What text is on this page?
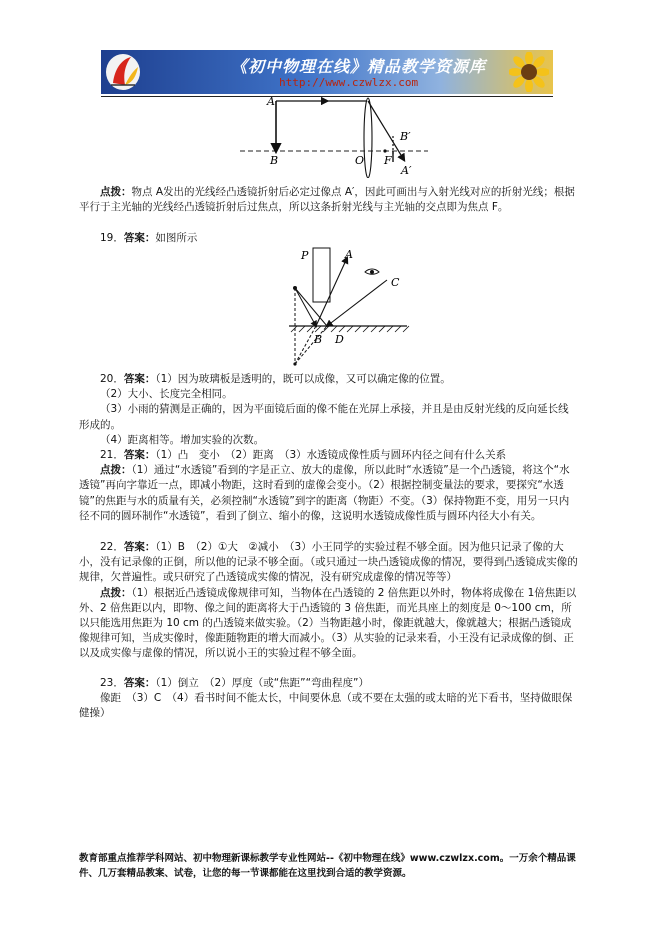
《初中物理在线》精品教学资源库
http://www.czwlzx.com
A
B	O F
B′
A′

点拨：物点 A发出的光线经凸透镜折射后必定过像点 A′，因此可画出与入射光线对应的折射光线；根据平行于主光轴的光线经凸透镜折射后过焦点，所以这条折射光线与主光轴的交点即为焦点 F。

19．答案：如图所示

P	A
C
B D

20．答案：（1）因为玻璃板是透明的，既可以成像，又可以确定像的位置。

（2）大小、长度完全相同。

（3）小雨的猜测是正确的，因为平面镜后面的像不能在光屏上承接，并且是由反射光线的反向延长线形成的。

（4）距离相等。增加实验的次数。

21．答案：（1）凸　变小　（2）距离　（3）水透镜成像性质与圆环内径之间有什么关系

点拨：（1）通过“水透镜”看到的字是正立、放大的虚像，所以此时“水透镜”是一个凸透镜，将这个“水透镜”再向字靠近一点，即减小物距，这时看到的虚像会变小。（2）根据控制变量法的要求，要探究“水透镜”的焦距与水的质量有关，必须控制“水透镜”到字的距离（物距）不变。（3）保持物距不变，用另一只内径不同的圆环制作“水透镜”，看到了倒立、缩小的像，这说明水透镜成像性质与圆环内径大小有关。

22．答案：（1）B　（2）①大　②减小　（3）小王同学的实验过程不够全面。因为他只记录了像的大小，没有记录像的正倒，所以他的记录不够全面。（或只通过一块凸透镜成像的情况，要得到凸透镜成实像的规律，欠普遍性。或只研究了凸透镜成实像的情况，没有研究成虚像的情况等等）

点拨：（1）根据近凸透镜成像规律可知，当物体在凸透镜的 2 倍焦距以外时，物体将成像在 1倍焦距以外、2 倍焦距以内，即物、像之间的距离将大于凸透镜的 3 倍焦距，而光具座上的刻度是 0～100 cm，所以只能选用焦距为 10 cm 的凸透镜来做实验。（2）当物距越小时，像距就越大，像就越大；根据凸透镜成像规律可知，当成实像时，像距随物距的增大而减小。（3）从实验的记录来看，小王没有记录成像的倒、正以及成实像与虚像的情况，所以说小王的实验过程不够全面。

23．答案：（1）倒立　（2）厚度（或“焦距”“弯曲程度”）

像距　（3）C　（4）看书时间不能太长，中间要休息（或不要在太强的或太暗的光下看书，坚持做眼保健操）

教育部重点推荐学科网站、初中物理新课标教学专业性网站--《初中物理在线》www.czwlzx.com。一万余个精品课
件、几万套精品教案、试卷，让您的每一节课都能在这里找到合适的教学资源。
